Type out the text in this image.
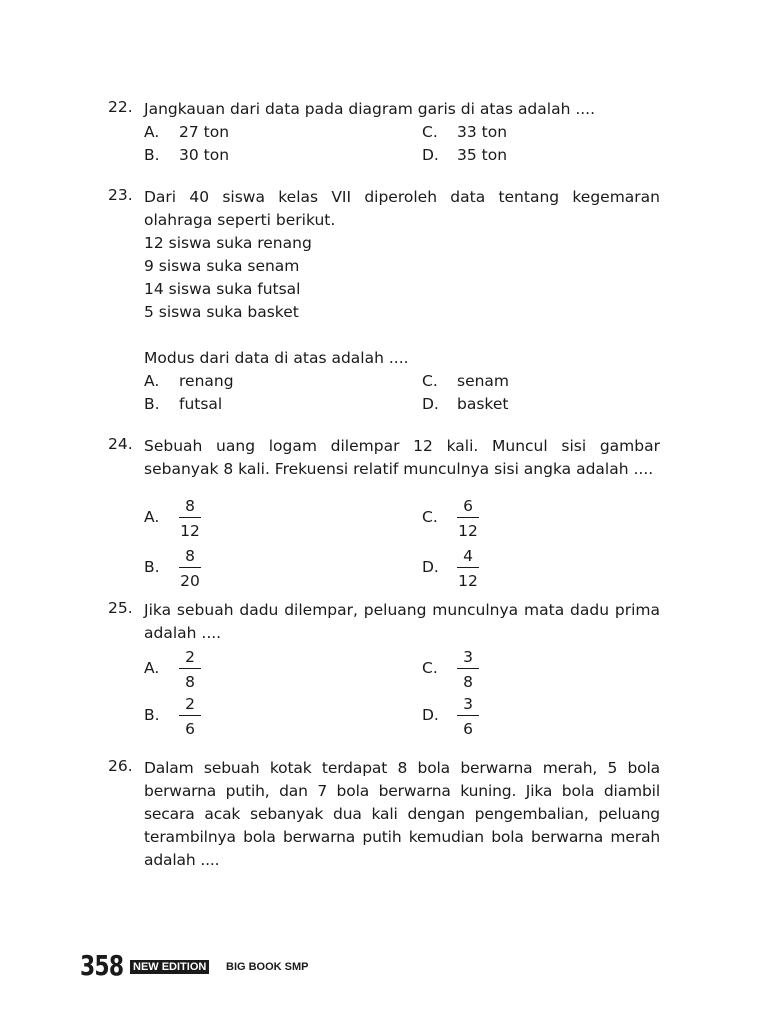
22. Jangkauan dari data pada diagram garis di atas adalah ....

A. 27 ton
B. 30 ton
C. 33 ton
D. 35 ton
23. Dari 40 siswa kelas VII diperoleh data tentang kegemaran olahraga seperti berikut.

12 siswa suka renang

9 siswa suka senam

14 siswa suka futsal

5 siswa suka basket

Modus dari data di atas adalah ....

A. renang
B. futsal
C. senam
D. basket
24. Sebuah uang logam dilempar 12 kali. Muncul sisi gambar sebanyak 8 kali. Frekuensi relatif munculnya sisi angka adalah ....

A.
8
12
B.
8
20
C.
6
12
D.
4
12
25. Jika sebuah dadu dilempar, peluang munculnya mata dadu prima adalah ....

A.
2
8
B.
2
6
C.
3
8
D.
3
6
26. Dalam sebuah kotak terdapat 8 bola berwarna merah, 5 bola berwarna putih, dan 7 bola berwarna kuning. Jika bola diambil secara acak sebanyak dua kali dengan pengembalian, peluang terambilnya bola berwarna putih kemudian bola berwarna merah adalah ....

358 NEW EDITION BIG BOOK SMP
